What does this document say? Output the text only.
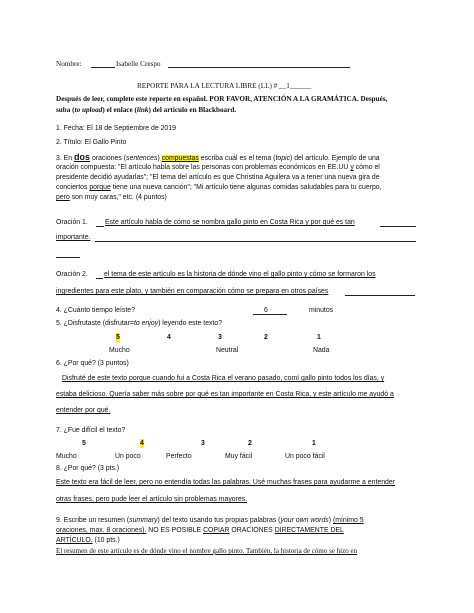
Nombre:	Isabelle Crespo
REPORTE PARA LA LECTURA LIBRE (LL) # __1______
Después de leer, complete este reporte en español. POR FAVOR, ATENCIÓN A LA GRAMÁTICA. Después,
suba (to upload) el enlace (link) del artículo en Blackboard.
1. Fecha: El 18 de Septiembre de 2019
2. Título: El Gallo Pinto
3. En dos oraciones (sentences) compuestas escriba cuál es el tema (topic) del artículo. Ejemplo de una
oración compuesta: "El artículo habla sobre las personas con problemas económicos en EE.UU y cómo el
presidente decidió ayudarlas"; "El tema del artículo es que Christina Aguilera va a tener una nueva gira de
conciertos porque tiene una nueva canción"; "Mi artículo tiene algunas comidas saludables para tu cuerpo,
pero son muy caras," etc. (4 puntos)
Oración 1. Este artículo habla de cómo se nombra gallo pinto en Costa Rica y por qué es tan
importante.
Oración 2. el tema de este artículo es la historia de dónde vino el gallo pinto y cómo se formaron los
ingredientes para este plato, y también en comparación cómo se prepara en otros países
4. ¿Cuánto tiempo leíste?	6	minutos
5. ¿Disfrutaste (disfrutar=to enjoy) leyendo este texto?
5	4	3	2	1
Mucho	Neutral	Nada
6. ¿Por qué? (3 puntos)
Disfruté de este texto porque cuando fui a Costa Rica el verano pasado, comí gallo pinto todos los días, y
estaba delicioso. Quería saber más sobre por qué es tan importante en Costa Rica, y este artículo me ayudó a
entender por qué.
7. ¿Fue difícil el texto?
5	4	3	2	1
Mucho	Un poco	Perfecto	Muy fácil	Un poco fácil
8. ¿Por qué? (3 pts.)
Este texto era fácil de leer, pero no entendía todas las palabras. Usé muchas frases para ayudarme a entender
otras frases, pero pude leer el artículo sin problemas mayores.
9. Escribe un resumen (summary) del texto usando tus propias palabras (your own words) (mínimo 5
oraciones, max. 8 oraciones). NO ES POSIBLE COPIAR ORACIONES DIRECTAMENTE DEL
ARTÍCULO. (10 pts.)
El resumen de este artículo es de dónde vino el nombre gallo pinto. También, la historia de cómo se hizo en
